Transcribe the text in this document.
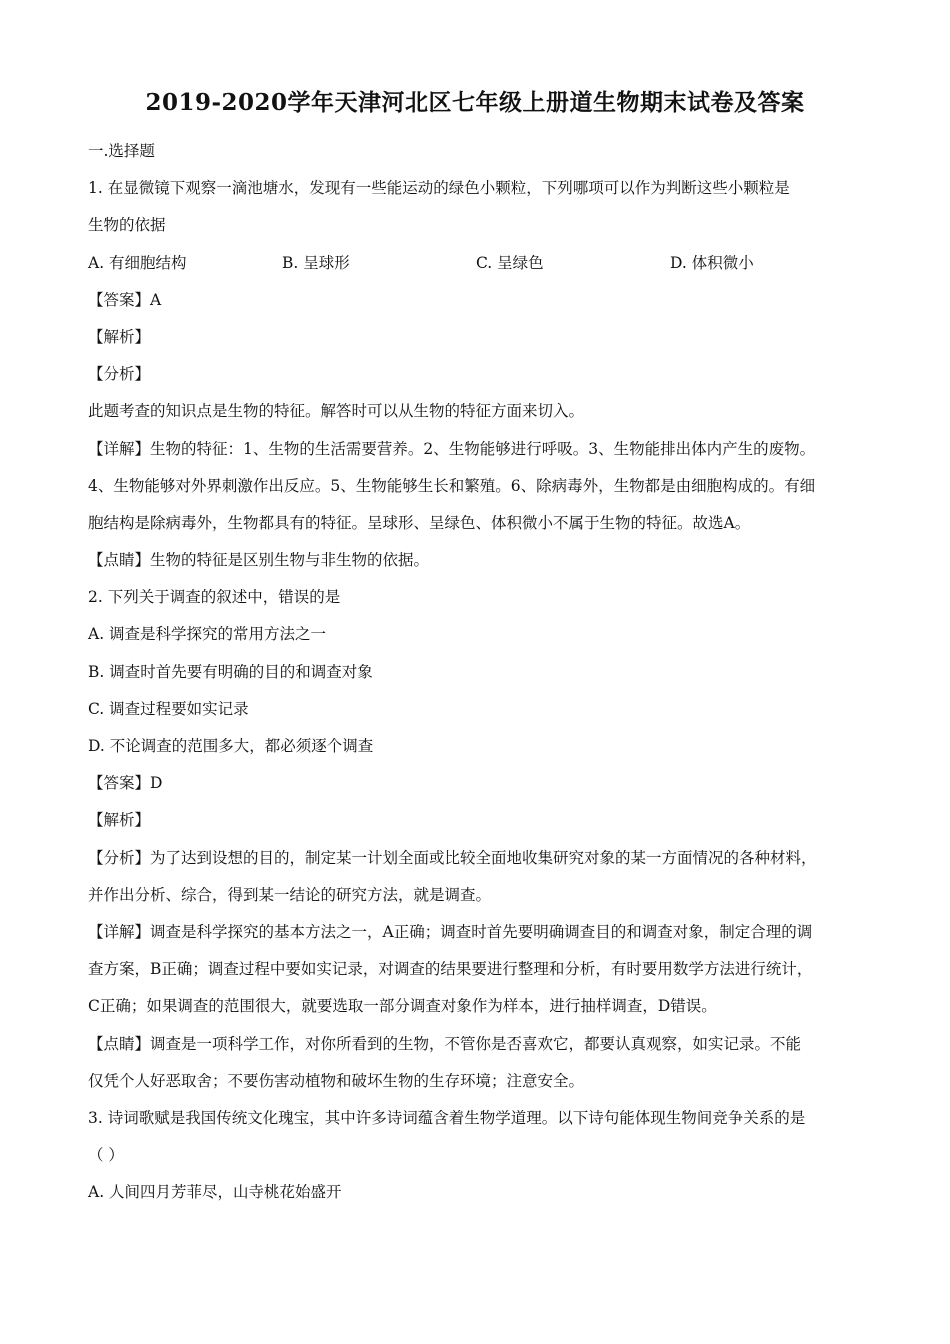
2019-2020学年天津河北区七年级上册道生物期末试卷及答案
一.选择题
1. 在显微镜下观察一滴池塘水，发现有一些能运动的绿色小颗粒，下列哪项可以作为判断这些小颗粒是
生物的依据
A. 有细胞结构	B. 呈球形	C. 呈绿色	D. 体积微小
【答案】A
【解析】
【分析】
此题考查的知识点是生物的特征。解答时可以从生物的特征方面来切入。
【详解】生物的特征：1、生物的生活需要营养。2、生物能够进行呼吸。3、生物能排出体内产生的废物。
4、生物能够对外界刺激作出反应。5、生物能够生长和繁殖。6、除病毒外，生物都是由细胞构成的。有细
胞结构是除病毒外，生物都具有的特征。呈球形、呈绿色、体积微小不属于生物的特征。故选A。
【点睛】生物的特征是区别生物与非生物的依据。
2. 下列关于调查的叙述中，错误的是
A. 调查是科学探究的常用方法之一
B. 调查时首先要有明确的目的和调查对象
C. 调查过程要如实记录
D. 不论调查的范围多大，都必须逐个调查
【答案】D
【解析】
【分析】为了达到设想的目的，制定某一计划全面或比较全面地收集研究对象的某一方面情况的各种材料，
并作出分析、综合，得到某一结论的研究方法，就是调查。
【详解】调查是科学探究的基本方法之一，A正确；调查时首先要明确调查目的和调查对象，制定合理的调
查方案，B正确；调查过程中要如实记录，对调查的结果要进行整理和分析，有时要用数学方法进行统计，
C正确；如果调查的范围很大，就要选取一部分调查对象作为样本，进行抽样调查，D错误。
【点睛】调查是一项科学工作，对你所看到的生物，不管你是否喜欢它，都要认真观察，如实记录。不能
仅凭个人好恶取舍；不要伤害动植物和破坏生物的生存环境；注意安全。
3. 诗词歌赋是我国传统文化瑰宝，其中许多诗词蕴含着生物学道理。以下诗句能体现生物间竞争关系的是
（ ）
A. 人间四月芳菲尽，山寺桃花始盛开
